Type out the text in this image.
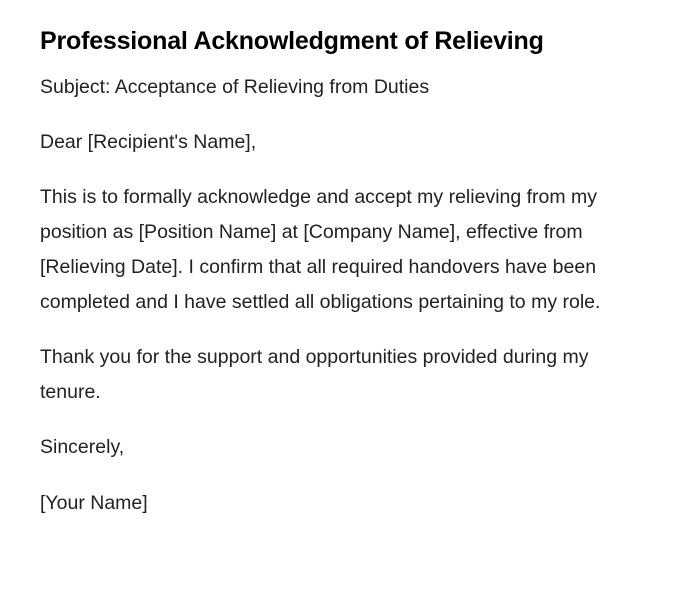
Professional Acknowledgment of Relieving

Subject: Acceptance of Relieving from Duties

Dear [Recipient's Name],

This is to formally acknowledge and accept my relieving from my position as [Position Name] at [Company Name], effective from [Relieving Date]. I confirm that all required handovers have been completed and I have settled all obligations pertaining to my role.

Thank you for the support and opportunities provided during my tenure.

Sincerely,

[Your Name]
